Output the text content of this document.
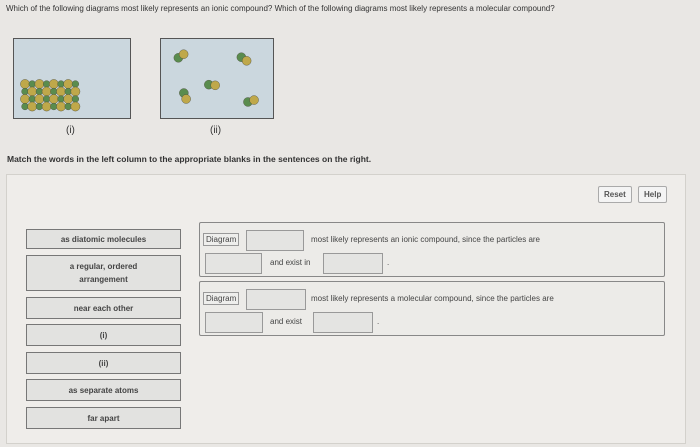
Which of the following diagrams most likely represents an ionic compound? Which of the following diagrams most likely represents a molecular compound?
(i)	(ii)
Match the words in the left column to the appropriate blanks in the sentences on the right.
Reset	Help
as diatomic molecules
a regular, ordered arrangement
near each other
(i)
(ii)
as separate atoms
far apart
Diagram	most likely represents an ionic compound, since the particles are
and exist in	.
Diagram	most likely represents a molecular compound, since the particles are
and exist	.
